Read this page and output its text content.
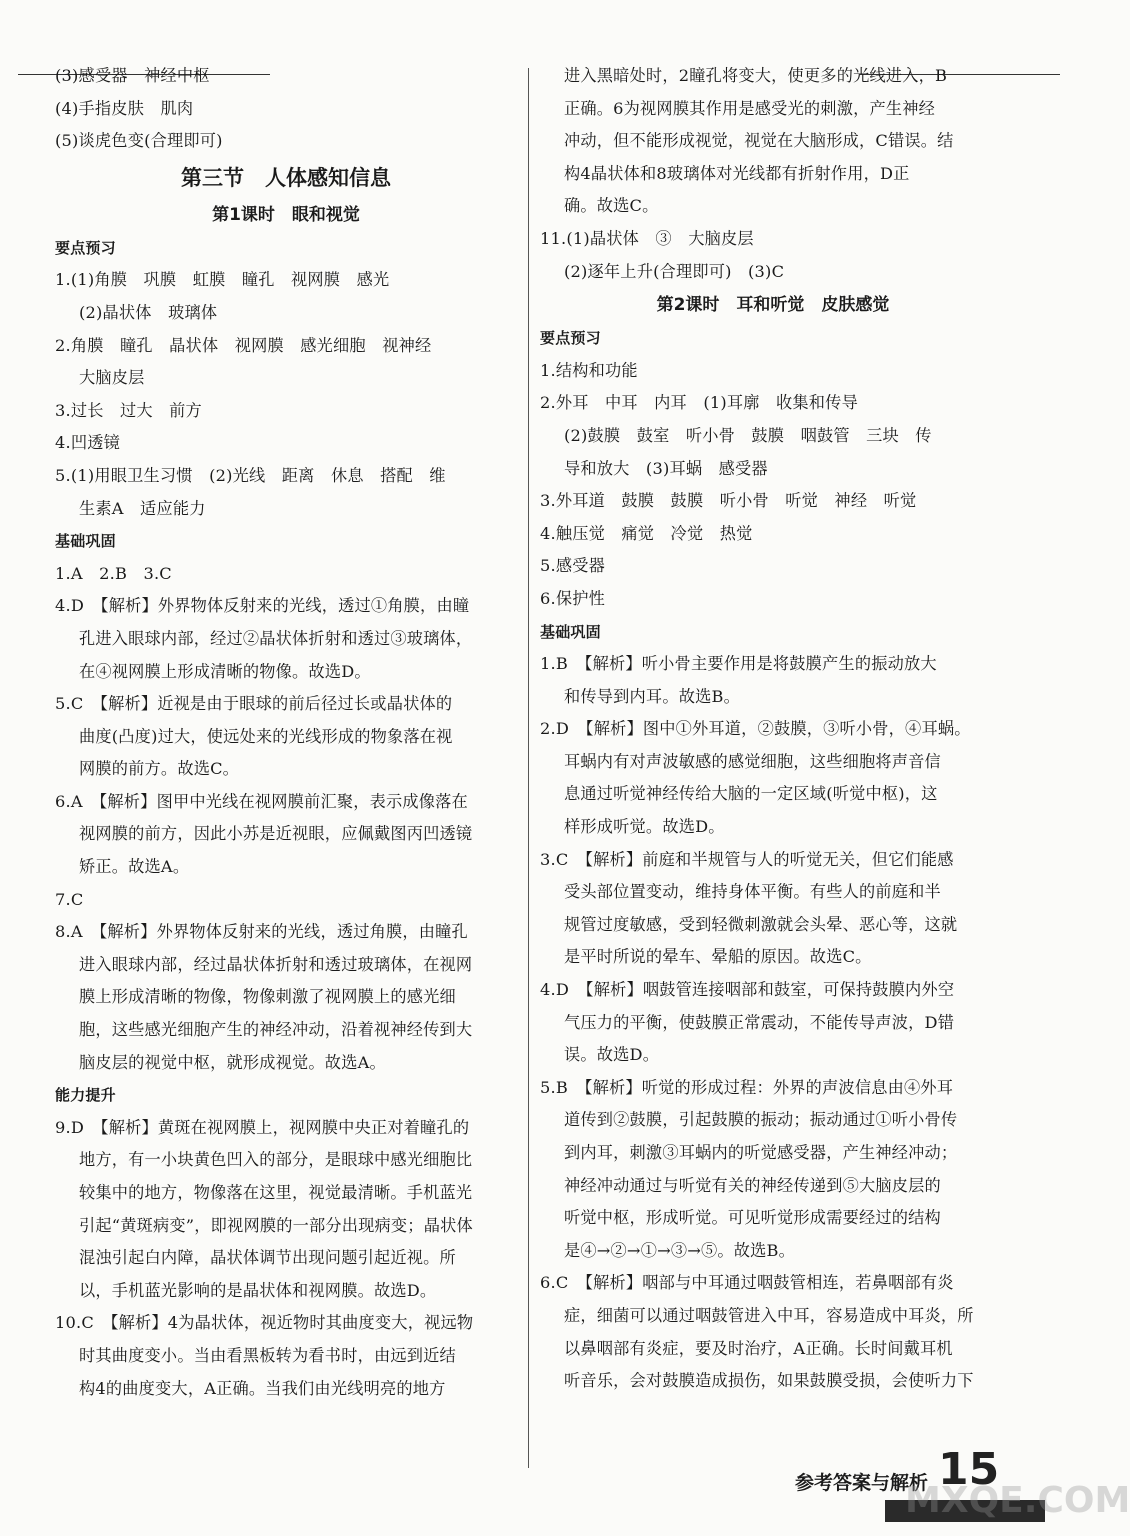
(3)感受器　神经中枢
(4)手指皮肤　肌肉
(5)谈虎色变(合理即可)
第三节　人体感知信息
第1课时　眼和视觉
要点预习
1.(1)角膜　巩膜　虹膜　瞳孔　视网膜　感光
(2)晶状体　玻璃体
2.角膜　瞳孔　晶状体　视网膜　感光细胞　视神经
大脑皮层
3.过长　过大　前方
4.凹透镜
5.(1)用眼卫生习惯　(2)光线　距离　休息　搭配　维
生素A　适应能力
基础巩固
1.A　2.B　3.C
4.D　【解析】外界物体反射来的光线，透过①角膜，由瞳
孔进入眼球内部，经过②晶状体折射和透过③玻璃体，
在④视网膜上形成清晰的物像。故选D。
5.C　【解析】近视是由于眼球的前后径过长或晶状体的
曲度(凸度)过大，使远处来的光线形成的物象落在视
网膜的前方。故选C。
6.A　【解析】图甲中光线在视网膜前汇聚，表示成像落在
视网膜的前方，因此小苏是近视眼，应佩戴图丙凹透镜
矫正。故选A。
7.C
8.A　【解析】外界物体反射来的光线，透过角膜，由瞳孔
进入眼球内部，经过晶状体折射和透过玻璃体，在视网
膜上形成清晰的物像，物像刺激了视网膜上的感光细
胞，这些感光细胞产生的神经冲动，沿着视神经传到大
脑皮层的视觉中枢，就形成视觉。故选A。
能力提升
9.D　【解析】黄斑在视网膜上，视网膜中央正对着瞳孔的
地方，有一小块黄色凹入的部分，是眼球中感光细胞比
较集中的地方，物像落在这里，视觉最清晰。手机蓝光
引起“黄斑病变”，即视网膜的一部分出现病变；晶状体
混浊引起白内障，晶状体调节出现问题引起近视。所
以，手机蓝光影响的是晶状体和视网膜。故选D。
10.C　【解析】4为晶状体，视近物时其曲度变大，视远物
时其曲度变小。当由看黑板转为看书时，由远到近结
构4的曲度变大，A正确。当我们由光线明亮的地方
进入黑暗处时，2瞳孔将变大，使更多的光线进入，B
正确。6为视网膜其作用是感受光的刺激，产生神经
冲动，但不能形成视觉，视觉在大脑形成，C错误。结
构4晶状体和8玻璃体对光线都有折射作用，D正
确。故选C。
11.(1)晶状体　③　大脑皮层
(2)逐年上升(合理即可)　(3)C
第2课时　耳和听觉　皮肤感觉
要点预习
1.结构和功能
2.外耳　中耳　内耳　(1)耳廓　收集和传导
(2)鼓膜　鼓室　听小骨　鼓膜　咽鼓管　三块　传
导和放大　(3)耳蜗　感受器
3.外耳道　鼓膜　鼓膜　听小骨　听觉　神经　听觉
4.触压觉　痛觉　冷觉　热觉
5.感受器
6.保护性
基础巩固
1.B　【解析】听小骨主要作用是将鼓膜产生的振动放大
和传导到内耳。故选B。
2.D　【解析】图中①外耳道，②鼓膜，③听小骨，④耳蜗。
耳蜗内有对声波敏感的感觉细胞，这些细胞将声音信
息通过听觉神经传给大脑的一定区域(听觉中枢)，这
样形成听觉。故选D。
3.C　【解析】前庭和半规管与人的听觉无关，但它们能感
受头部位置变动，维持身体平衡。有些人的前庭和半
规管过度敏感，受到轻微刺激就会头晕、恶心等，这就
是平时所说的晕车、晕船的原因。故选C。
4.D　【解析】咽鼓管连接咽部和鼓室，可保持鼓膜内外空
气压力的平衡，使鼓膜正常震动，不能传导声波，D错
误。故选D。
5.B　【解析】听觉的形成过程：外界的声波信息由④外耳
道传到②鼓膜，引起鼓膜的振动；振动通过①听小骨传
到内耳，刺激③耳蜗内的听觉感受器，产生神经冲动；
神经冲动通过与听觉有关的神经传递到⑤大脑皮层的
听觉中枢，形成听觉。可见听觉形成需要经过的结构
是④→②→①→③→⑤。故选B。
6.C　【解析】咽部与中耳通过咽鼓管相连，若鼻咽部有炎
症，细菌可以通过咽鼓管进入中耳，容易造成中耳炎，所
以鼻咽部有炎症，要及时治疗，A正确。长时间戴耳机
听音乐，会对鼓膜造成损伤，如果鼓膜受损，会使听力下
参考答案与解析 15
MXQE.COM
